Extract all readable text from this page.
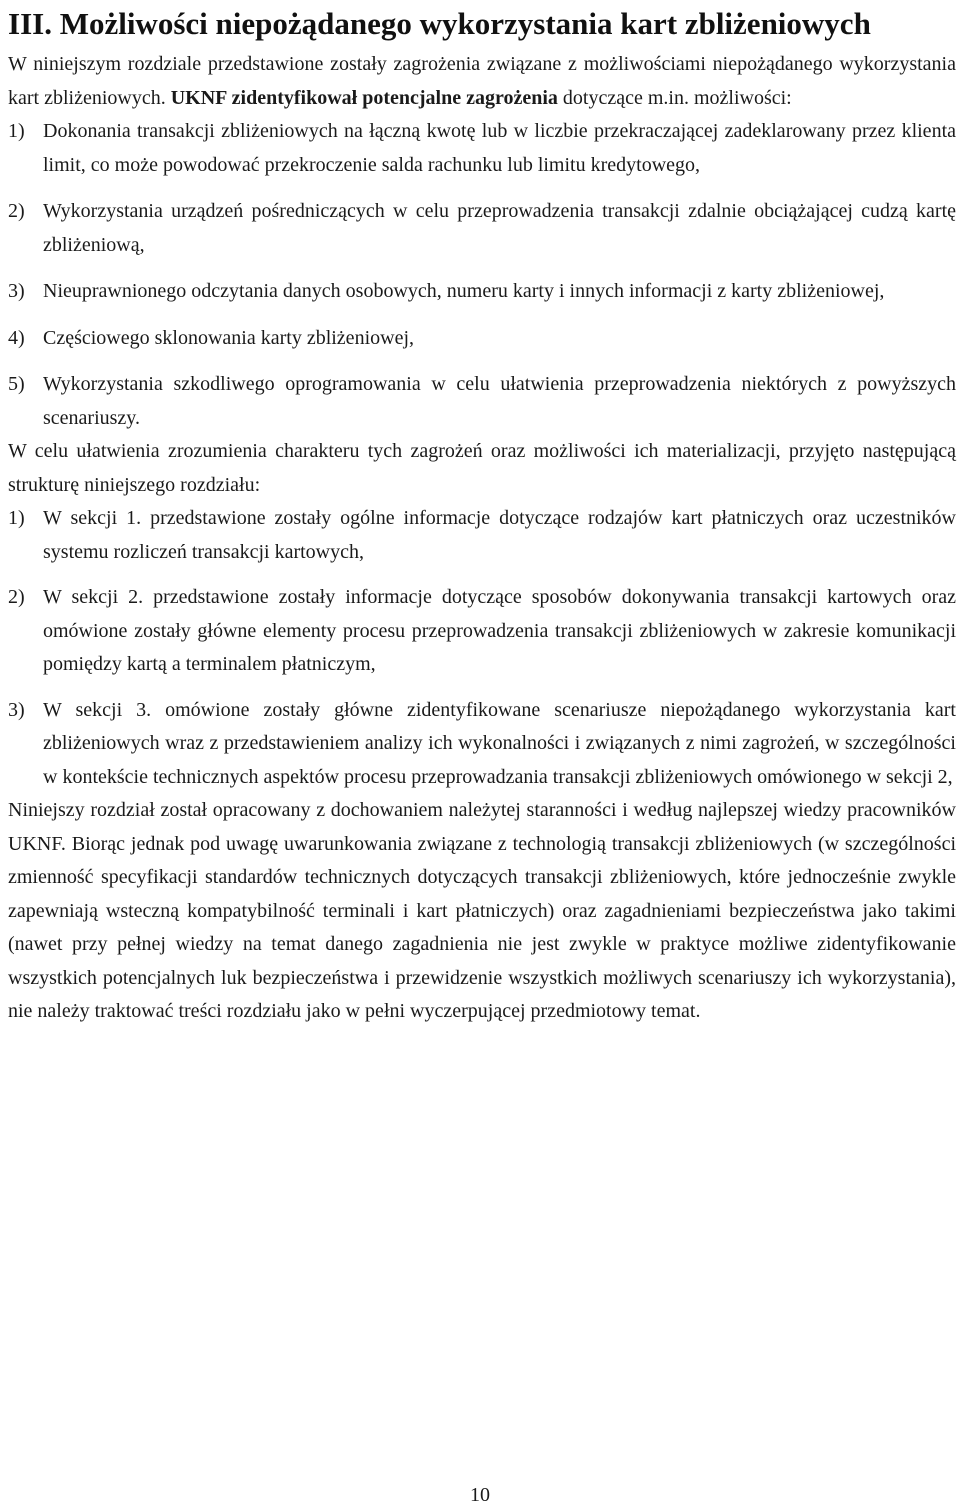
III. Możliwości niepożądanego wykorzystania kart zbliżeniowych

W niniejszym rozdziale przedstawione zostały zagrożenia związane z możliwościami niepożądanego wykorzystania kart zbliżeniowych. UKNF zidentyfikował potencjalne zagrożenia dotyczące m.in. możliwości:

1) Dokonania transakcji zbliżeniowych na łączną kwotę lub w liczbie przekraczającej zadeklarowany przez klienta limit, co może powodować przekroczenie salda rachunku lub limitu kredytowego,
2) Wykorzystania urządzeń pośredniczących w celu przeprowadzenia transakcji zdalnie obciążającej cudzą kartę zbliżeniową,
3) Nieuprawnionego odczytania danych osobowych, numeru karty i innych informacji z karty zbliżeniowej,
4) Częściowego sklonowania karty zbliżeniowej,
5) Wykorzystania szkodliwego oprogramowania w celu ułatwienia przeprowadzenia niektórych z powyższych scenariuszy.

W celu ułatwienia zrozumienia charakteru tych zagrożeń oraz możliwości ich materializacji, przyjęto następującą strukturę niniejszego rozdziału:

1) W sekcji 1. przedstawione zostały ogólne informacje dotyczące rodzajów kart płatniczych oraz uczestników systemu rozliczeń transakcji kartowych,
2) W sekcji 2. przedstawione zostały informacje dotyczące sposobów dokonywania transakcji kartowych oraz omówione zostały główne elementy procesu przeprowadzenia transakcji zbliżeniowych w zakresie komunikacji pomiędzy kartą a terminalem płatniczym,
3) W sekcji 3. omówione zostały główne zidentyfikowane scenariusze niepożądanego wykorzystania kart zbliżeniowych wraz z przedstawieniem analizy ich wykonalności i związanych z nimi zagrożeń, w szczególności w kontekście technicznych aspektów procesu przeprowadzania transakcji zbliżeniowych omówionego w sekcji 2,

Niniejszy rozdział został opracowany z dochowaniem należytej staranności i według najlepszej wiedzy pracowników UKNF. Biorąc jednak pod uwagę uwarunkowania związane z technologią transakcji zbliżeniowych (w szczególności zmienność specyfikacji standardów technicznych dotyczących transakcji zbliżeniowych, które jednocześnie zwykle zapewniają wsteczną kompatybilność terminali i kart płatniczych) oraz zagadnieniami bezpieczeństwa jako takimi (nawet przy pełnej wiedzy na temat danego zagadnienia nie jest zwykle w praktyce możliwe zidentyfikowanie wszystkich potencjalnych luk bezpieczeństwa i przewidzenie wszystkich możliwych scenariuszy ich wykorzystania), nie należy traktować treści rozdziału jako w pełni wyczerpującej przedmiotowy temat.

10
